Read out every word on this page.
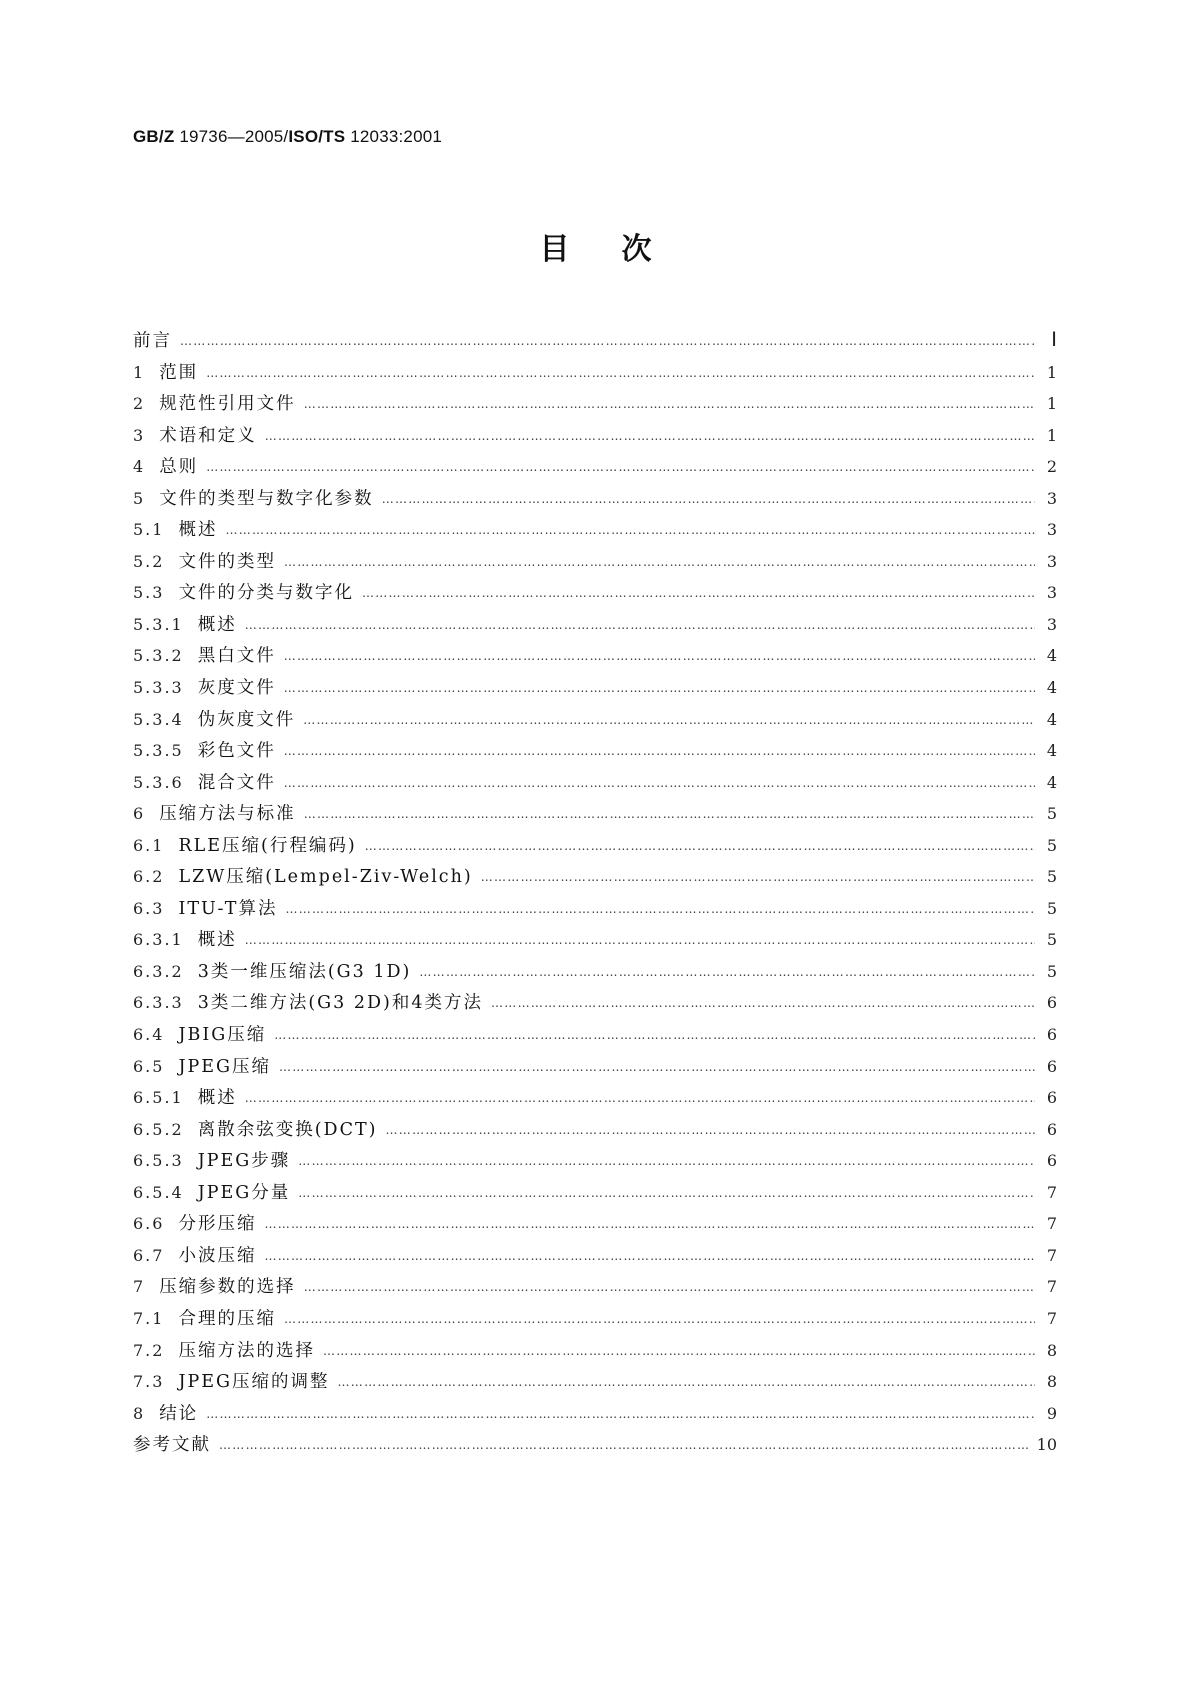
GB/Z 19736—2005/ISO/TS 12033:2001
目次
前言 ……………………………………………………………………………………………………………………………………………………………………………………………………………	Ⅰ
1 范围 ……………………………………………………………………………………………………………………………………………………………………………………………………………	1
2 规范性引用文件 ……………………………………………………………………………………………………………………………………………………………………………………………………………	1
3 术语和定义 ……………………………………………………………………………………………………………………………………………………………………………………………………………	1
4 总则 ……………………………………………………………………………………………………………………………………………………………………………………………………………	2
5 文件的类型与数字化参数 ……………………………………………………………………………………………………………………………………………………………………………………………………………	3
5.1 概述 ……………………………………………………………………………………………………………………………………………………………………………………………………………	3
5.2 文件的类型 ……………………………………………………………………………………………………………………………………………………………………………………………………………	3
5.3 文件的分类与数字化 ……………………………………………………………………………………………………………………………………………………………………………………………………………	3
5.3.1 概述 ……………………………………………………………………………………………………………………………………………………………………………………………………………	3
5.3.2 黑白文件 ……………………………………………………………………………………………………………………………………………………………………………………………………………	4
5.3.3 灰度文件 ……………………………………………………………………………………………………………………………………………………………………………………………………………	4
5.3.4 伪灰度文件 ……………………………………………………………………………………………………………………………………………………………………………………………………………	4
5.3.5 彩色文件 ……………………………………………………………………………………………………………………………………………………………………………………………………………	4
5.3.6 混合文件 ……………………………………………………………………………………………………………………………………………………………………………………………………………	4
6 压缩方法与标准 ……………………………………………………………………………………………………………………………………………………………………………………………………………	5
6.1 RLE压缩(行程编码) ……………………………………………………………………………………………………………………………………………………………………………………………………………	5
6.2 LZW压缩(Lempel-Ziv-Welch) ……………………………………………………………………………………………………………………………………………………………………………………………………………	5
6.3 ITU-T算法 ……………………………………………………………………………………………………………………………………………………………………………………………………………	5
6.3.1 概述 ……………………………………………………………………………………………………………………………………………………………………………………………………………	5
6.3.2 3类一维压缩法(G3 1D) ……………………………………………………………………………………………………………………………………………………………………………………………………………	5
6.3.3 3类二维方法(G3 2D)和4类方法 ……………………………………………………………………………………………………………………………………………………………………………………………………………	6
6.4 JBIG压缩 ……………………………………………………………………………………………………………………………………………………………………………………………………………	6
6.5 JPEG压缩 ……………………………………………………………………………………………………………………………………………………………………………………………………………	6
6.5.1 概述 ……………………………………………………………………………………………………………………………………………………………………………………………………………	6
6.5.2 离散余弦变换(DCT) ……………………………………………………………………………………………………………………………………………………………………………………………………………	6
6.5.3 JPEG步骤 ……………………………………………………………………………………………………………………………………………………………………………………………………………	6
6.5.4 JPEG分量 ……………………………………………………………………………………………………………………………………………………………………………………………………………	7
6.6 分形压缩 ……………………………………………………………………………………………………………………………………………………………………………………………………………	7
6.7 小波压缩 ……………………………………………………………………………………………………………………………………………………………………………………………………………	7
7 压缩参数的选择 ……………………………………………………………………………………………………………………………………………………………………………………………………………	7
7.1 合理的压缩 ……………………………………………………………………………………………………………………………………………………………………………………………………………	7
7.2 压缩方法的选择 ……………………………………………………………………………………………………………………………………………………………………………………………………………	8
7.3 JPEG压缩的调整 ……………………………………………………………………………………………………………………………………………………………………………………………………………	8
8 结论 ……………………………………………………………………………………………………………………………………………………………………………………………………………	9
参考文献 ……………………………………………………………………………………………………………………………………………………………………………………………………………	10
